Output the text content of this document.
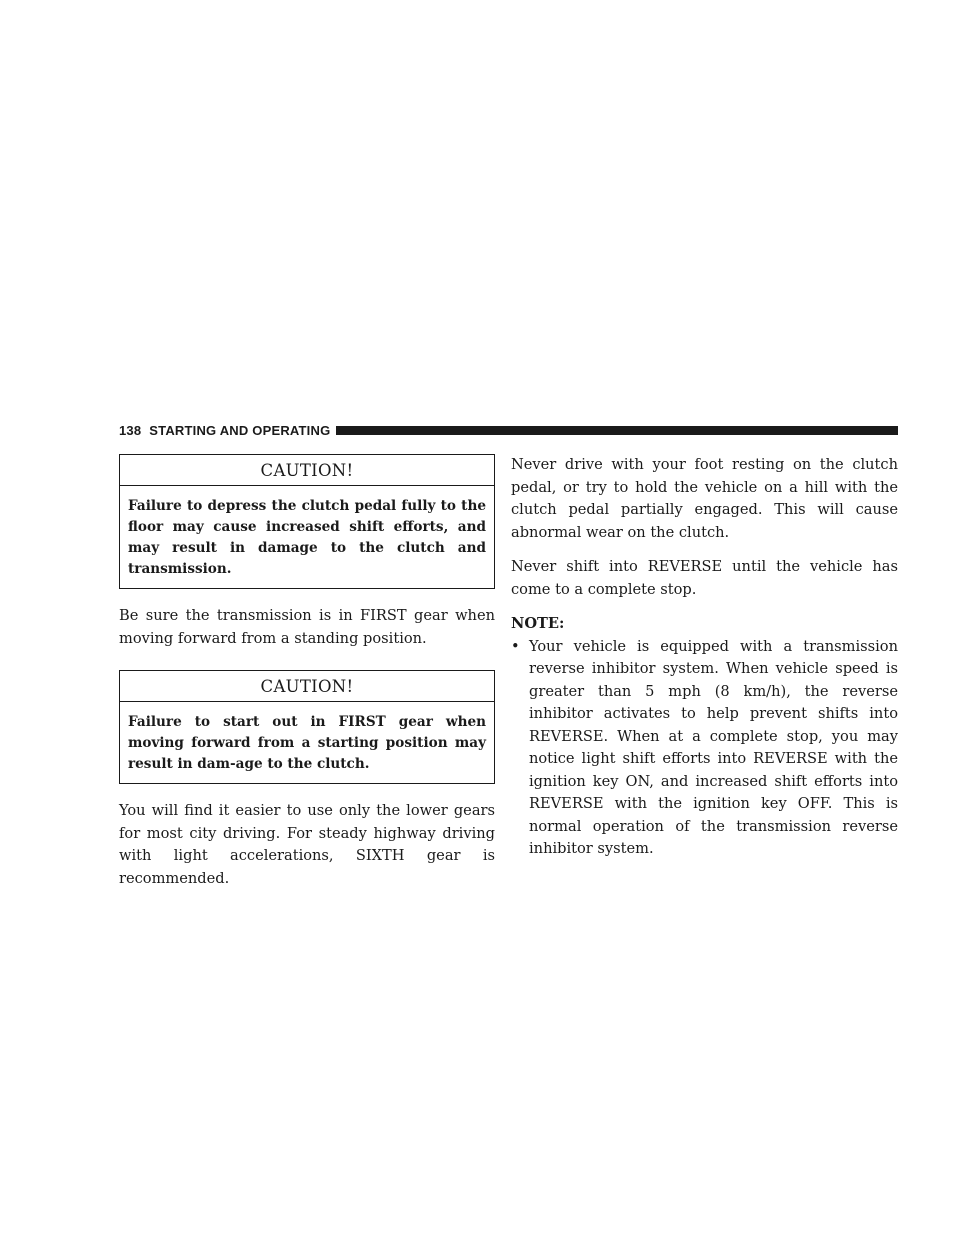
138 STARTING AND OPERATING
CAUTION!
Failure to depress the clutch pedal fully to the floor may cause increased shift efforts, and may result in damage to the clutch and transmission.

Be sure the transmission is in FIRST gear when moving forward from a standing position.

CAUTION!
Failure to start out in FIRST gear when moving forward from a starting position may result in dam-age to the clutch.

You will find it easier to use only the lower gears for most city driving. For steady highway driving with light accelerations, SIXTH gear is recommended.

Never drive with your foot resting on the clutch pedal, or try to hold the vehicle on a hill with the clutch pedal partially engaged. This will cause abnormal wear on the clutch.

Never shift into REVERSE until the vehicle has come to a complete stop.

NOTE:

• Your vehicle is equipped with a transmission reverse inhibitor system. When vehicle speed is greater than 5 mph (8 km/h), the reverse inhibitor activates to help prevent shifts into REVERSE. When at a complete stop, you may notice light shift efforts into REVERSE with the ignition key ON, and increased shift efforts into REVERSE with the ignition key OFF. This is normal operation of the transmission reverse inhibitor system.
